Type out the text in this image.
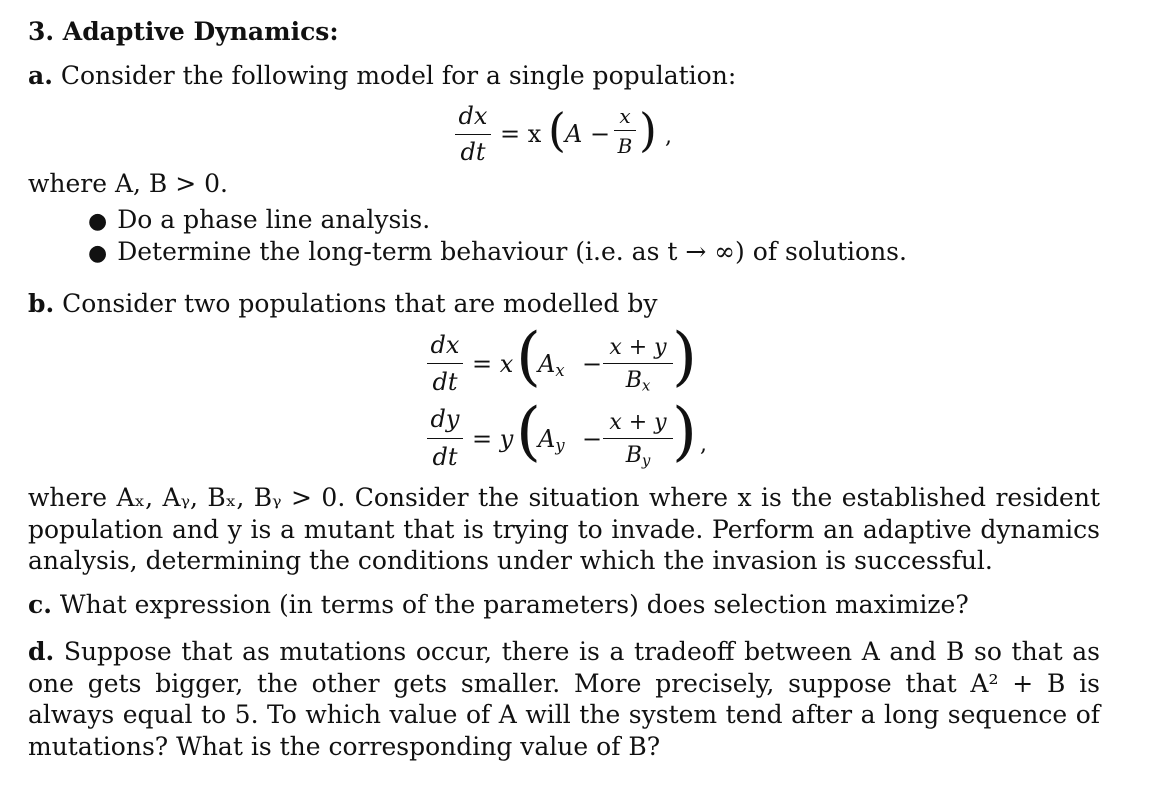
3. Adaptive Dynamics:
a. Consider the following model for a single population:
dx
dt
= x ( A −
x
B ) ,
where A, B > 0.
● Do a phase line analysis.
● Determine the long-term behaviour (i.e. as t → ∞) of solutions.
b. Consider two populations that are modelled by
dx
dt
= x (
$A_x$ −
x + y
$B_x$ )
dy
dt
= y (
$A_y$ −
x + y
$B_y$ ) ,
where Aₓ, Aᵧ, Bₓ, Bᵧ > 0. Consider the situation where x is the established resident population and y is a mutant that is trying to invade. Perform an adaptive dynamics analysis, determining the conditions under which the invasion is successful.
c. What expression (in terms of the parameters) does selection maximize?
d. Suppose that as mutations occur, there is a tradeoff between A and B so that as one gets bigger, the other gets smaller. More precisely, suppose that A² + B is always equal to 5. To which value of A will the system tend after a long sequence of mutations? What is the corresponding value of B?
